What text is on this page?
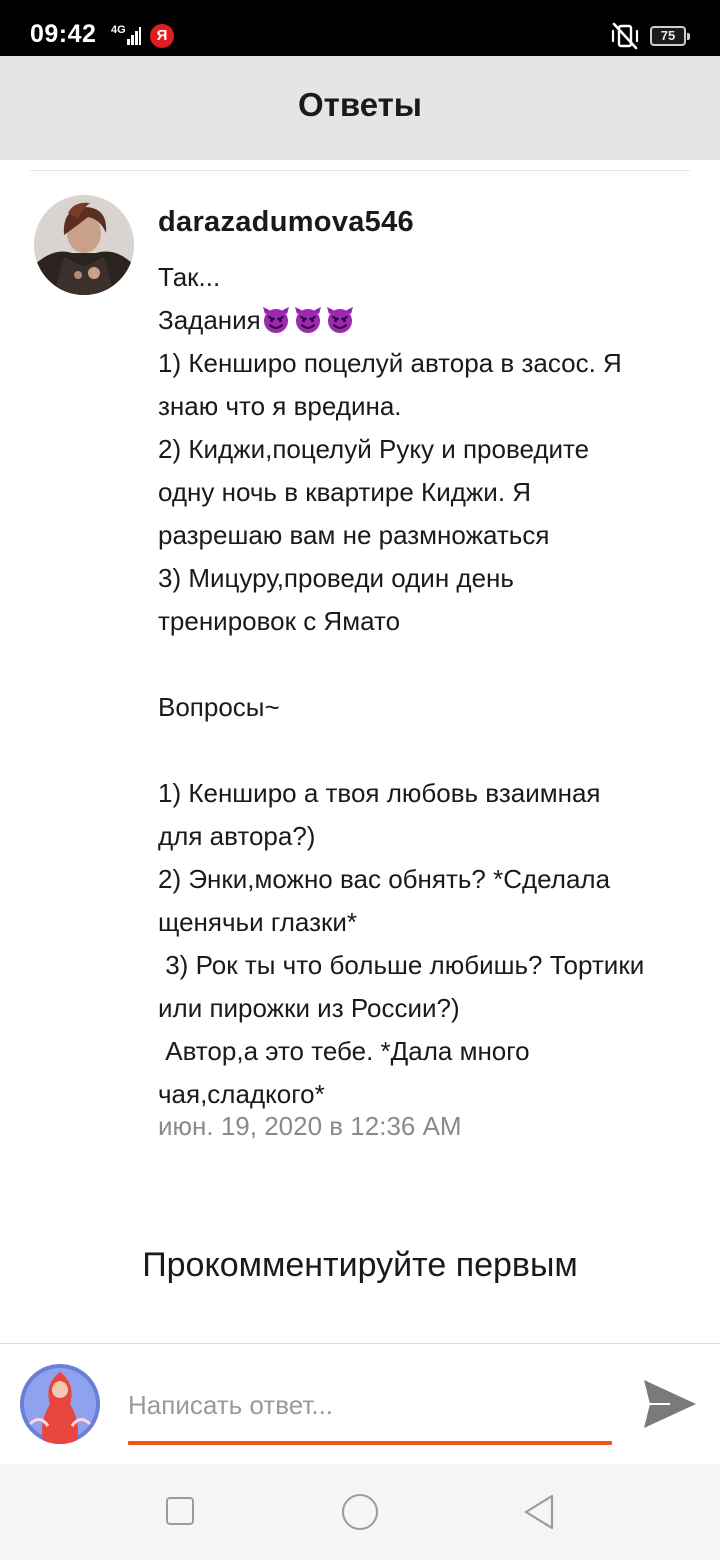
09:42 4G	Я	75
Ответы
darazadumova546
Так...
Задания
1) Кенширо поцелуй автора в засос. Я
знаю что я вредина.
2) Киджи,поцелуй Руку и проведите
одну ночь в квартире Киджи. Я
разрешаю вам не размножаться
3) Мицуру,проведи один день
тренировок с Ямато
Вопросы~
1) Кенширо а твоя любовь взаимная
для автора?)
2) Энки,можно вас обнять? *Сделала
щенячьи глазки*
3) Рок ты что больше любишь? Тортики
или пирожки из России?)
Автор,а это тебе. *Дала много
чая,сладкого*
июн. 19, 2020 в 12:36 AM
Прокомментируйте первым
Написать ответ...
